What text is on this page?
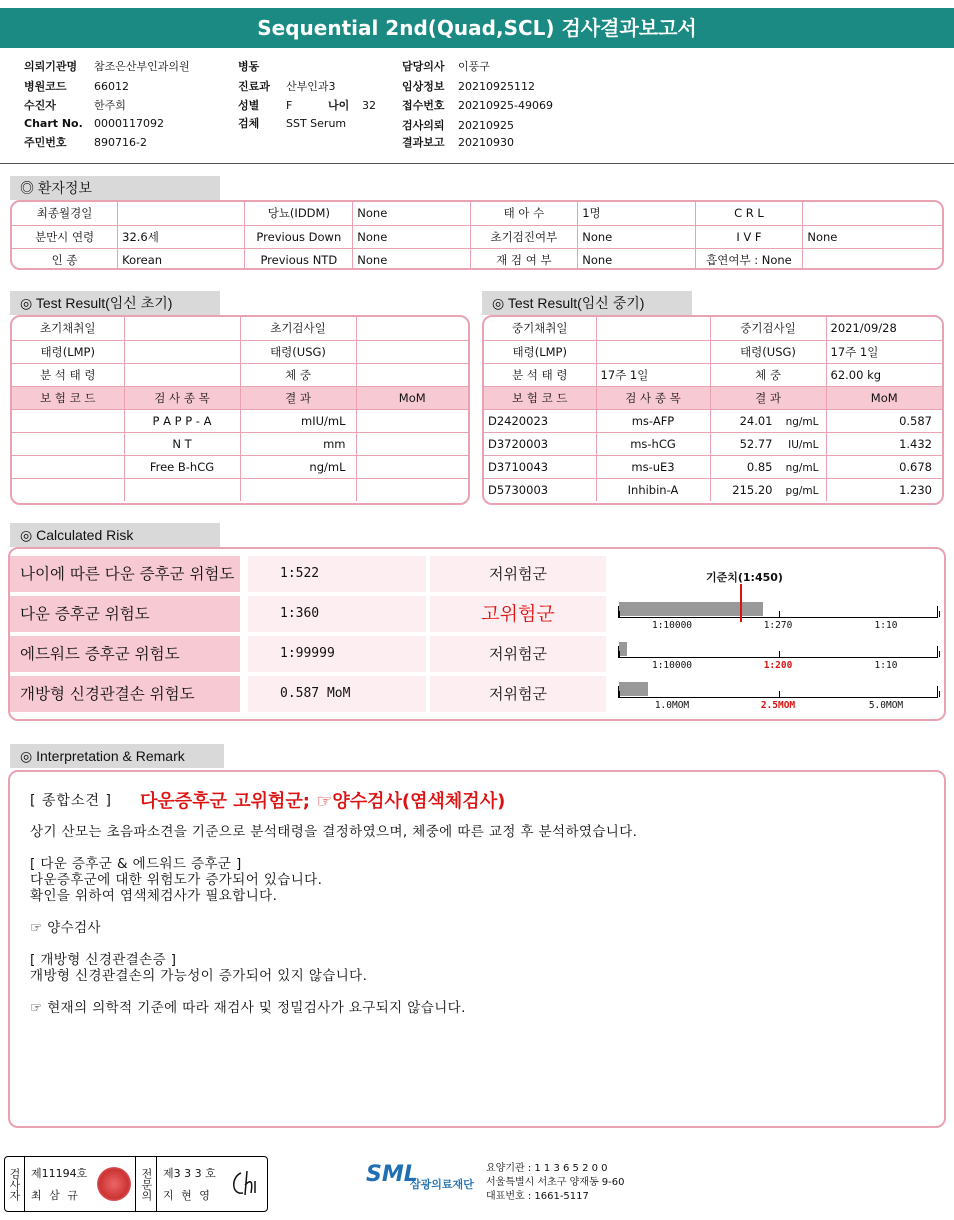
Sequential 2nd(Quad,SCL) 검사결과보고서
의뢰기관명 참조은산부인과의원
병원코드 66012
수진자	한주희
Chart No. 0000117092
주민번호 890716-2
병동
진료과 산부인과3
성별 F
검체 SST Serum
담당의사 이풍구
임상정보 20210925112
접수번호 20210925-49069
검사의뢰 20210925
결과보고 20210930
나이 32
◎ 환자정보
최종월경일		당뇨(IDDM)	None	태 아 수	1명	C R L	
분만시 연령	32.6세	Previous Down	None	초기검진여부	None	I V F	None
인 종	Korean	Previous NTD	None	재 검 여 부	None	흡연여부 : None	
◎ Test Result(임신 초기)
초기채취일		초기검사일	
태령(LMP)		태령(USG)	
분 석 태 령		체 중	
보 험 코 드	검 사 종 목	결 과	MoM
	P A P P - A	mIU/mL	
	N T	mm	
	Free B-hCG	ng/mL	

◎ Test Result(임신 중기)
중기채취일		중기검사일	2021/09/28
태령(LMP)		태령(USG)	17주 1일
분 석 태 령	17주 1일	체 중	62.00 kg
보 험 코 드	검 사 종 목	결 과	MoM
D2420023	ms-AFP	24.01 ng/mL	0.587
D3720003	ms-hCG	52.77 IU/mL	1.432
D3710043	ms-uE3	0.85 ng/mL	0.678
D5730003	Inhibin-A	215.20 pg/mL	1.230
◎ Calculated Risk
나이에 따른 다운 증후군 위험도	1:522	저위험군
다운 증후군 위험도	1:360	고위험군
1:10000	1:270	1:10
에드워드 증후군 위험도	1:99999	저위험군
1:10000	1:200	1:10
개방형 신경관결손 위험도	0.587 MoM	저위험군
1.0MOM	2.5MOM	5.0MOM
기준치(1:450)
◎ Interpretation & Remark
[ 종합소견 ] 다운증후군 고위험군; ☞양수검사(염색체검사)
상기 산모는 초음파소견을 기준으로 분석태령을 결정하였으며, 체중에 따른 교정 후 분석하였습니다.
[ 다운 증후군 & 에드워드 증후군 ]
다운증후군에 대한 위험도가 증가되어 있습니다.
확인을 위하여 염색체검사가 필요합니다.
☞ 양수검사
[ 개방형 신경관결손증 ]
개방형 신경관결손의 가능성이 증가되어 있지 않습니다.
☞ 현재의 의학적 기준에 따라 재검사 및 정밀검사가 요구되지 않습니다.
검사자 제11194호
최 삼 규	전문의 제3 3 3 호
지 현 영
SML
삼광의료재단
요양기관 : 1 1 3 6 5 2 0 0
서울특별시 서초구 양재동 9-60
대표번호 : 1661-5117
